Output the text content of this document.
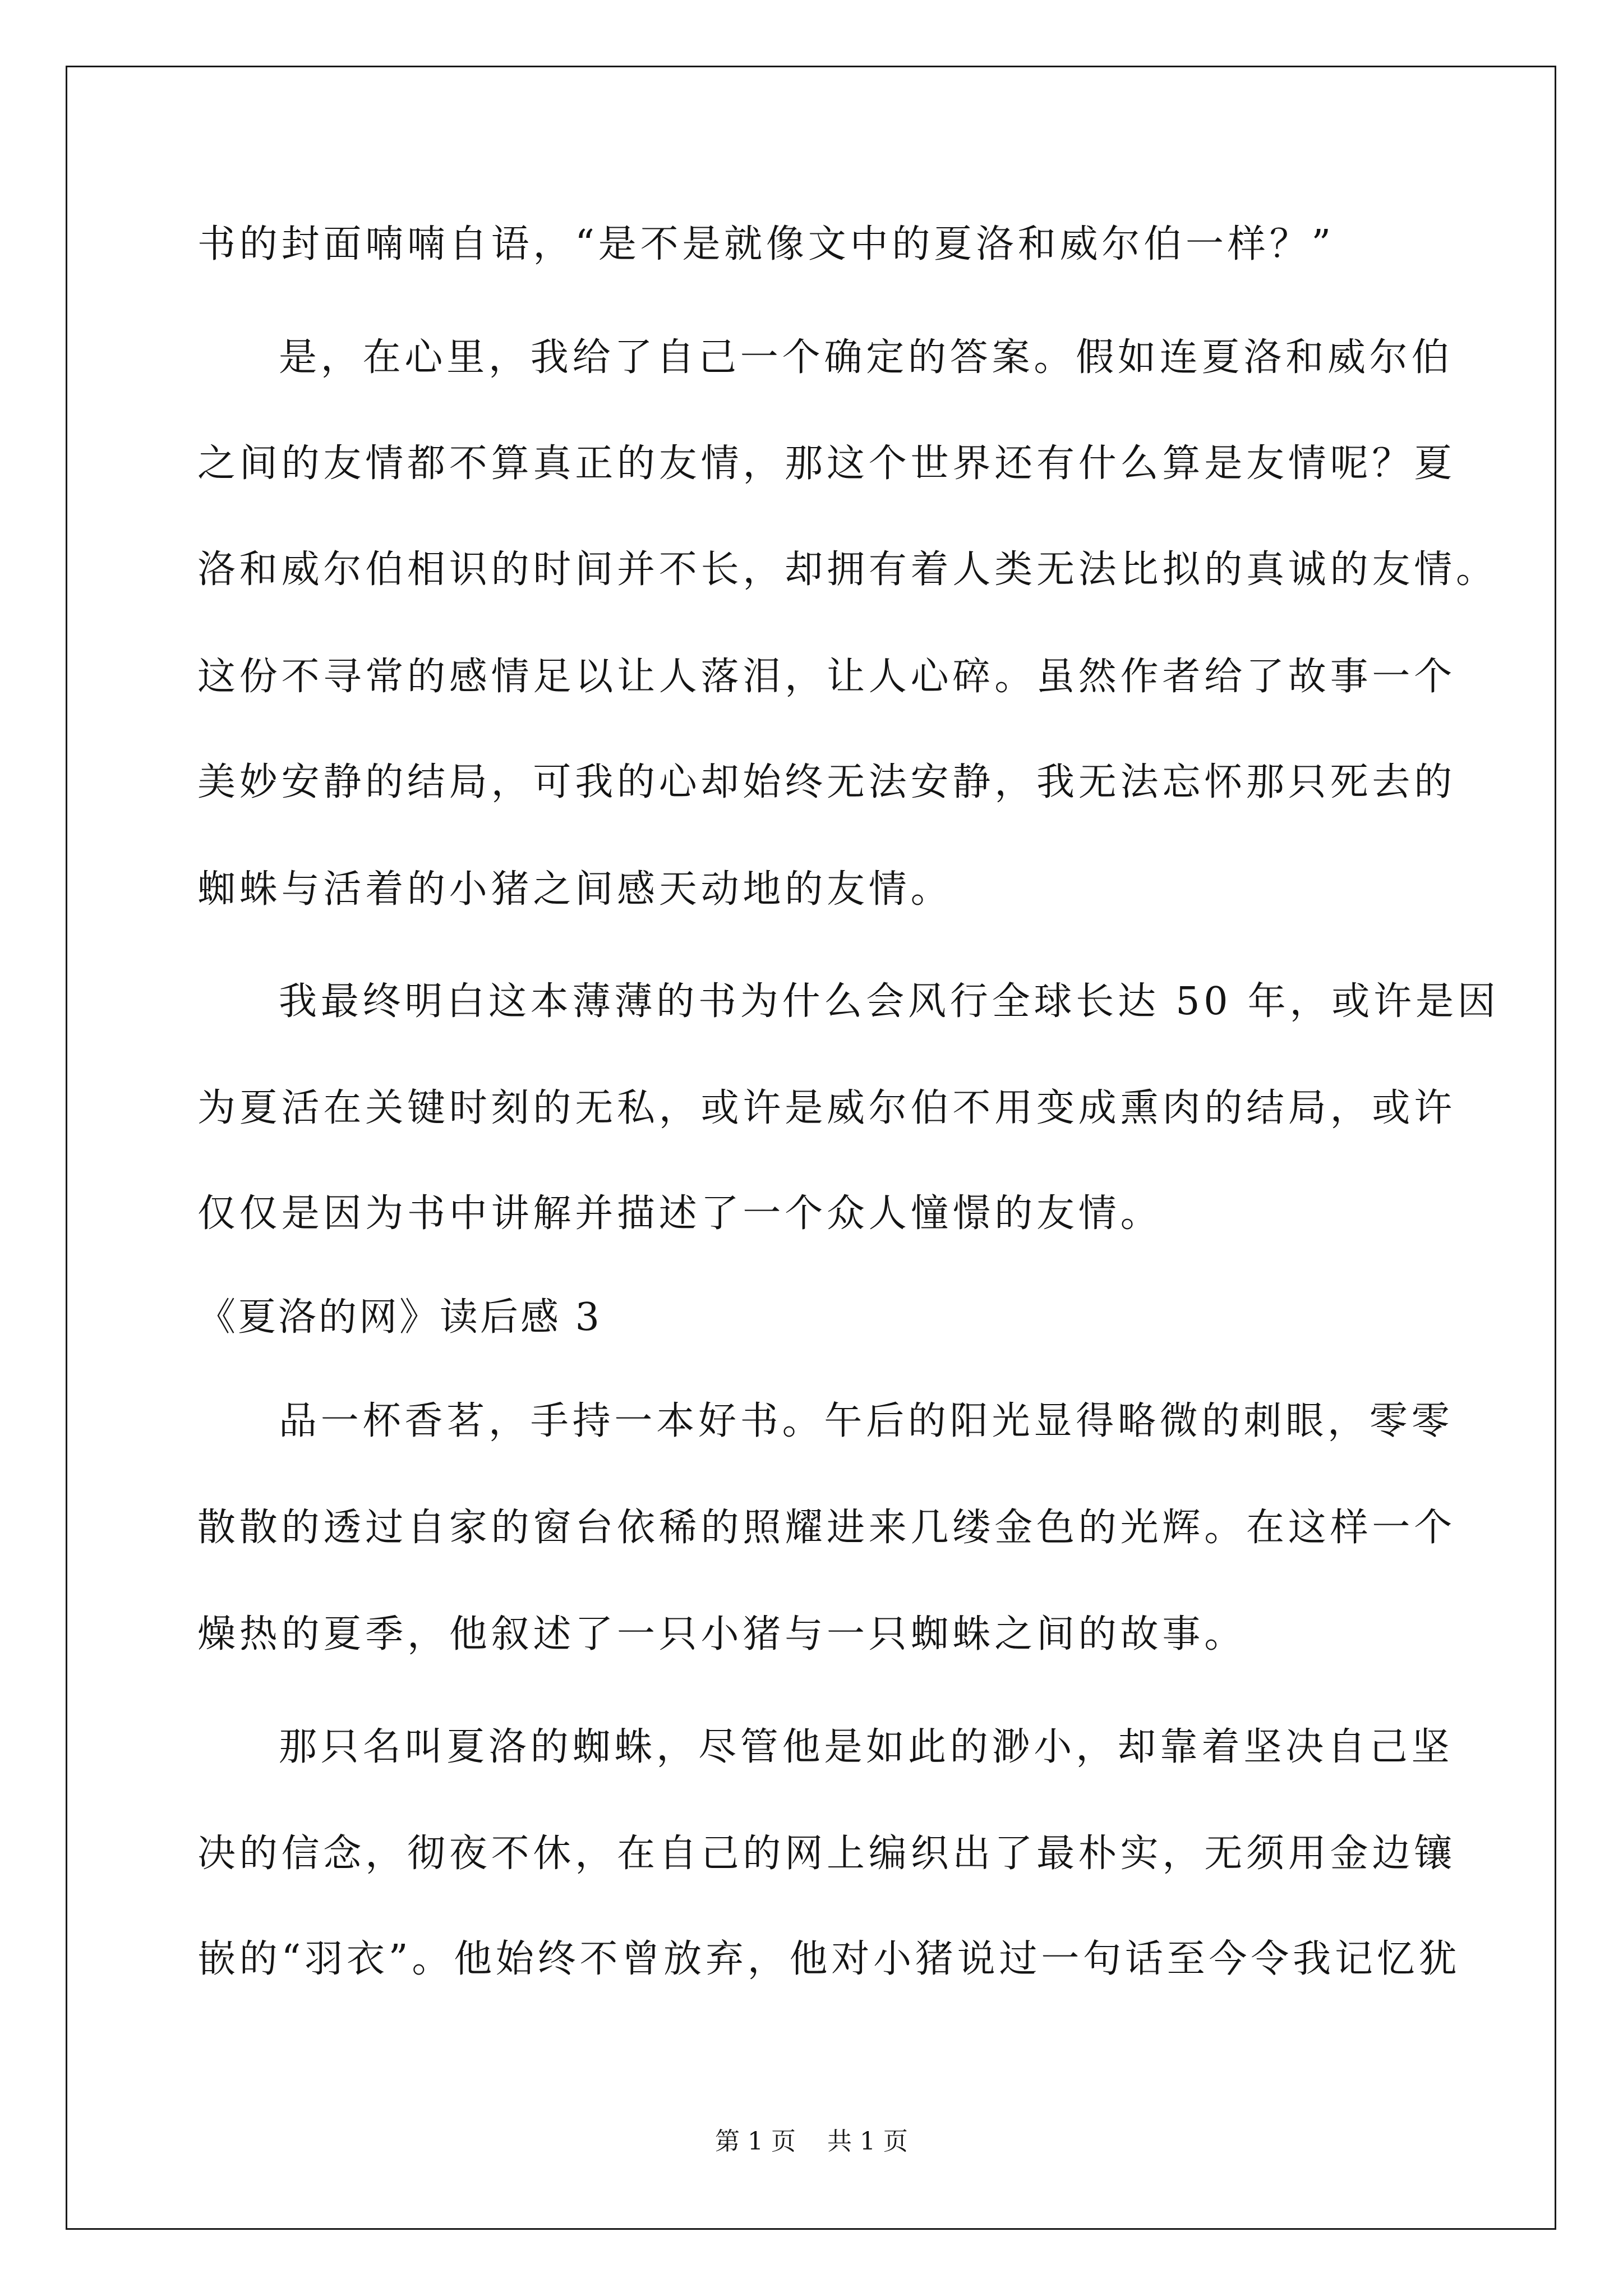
书的封面喃喃自语，“是不是就像文中的夏洛和威尔伯一样？”
是，在心里，我给了自己一个确定的答案。假如连夏洛和威尔伯
之间的友情都不算真正的友情，那这个世界还有什么算是友情呢？夏
洛和威尔伯相识的时间并不长，却拥有着人类无法比拟的真诚的友情。
这份不寻常的感情足以让人落泪，让人心碎。虽然作者给了故事一个
美妙安静的结局，可我的心却始终无法安静，我无法忘怀那只死去的
蜘蛛与活着的小猪之间感天动地的友情。
我最终明白这本薄薄的书为什么会风行全球长达 50 年，或许是因
为夏活在关键时刻的无私，或许是威尔伯不用变成熏肉的结局，或许
仅仅是因为书中讲解并描述了一个众人憧憬的友情。
《夏洛的网》读后感 3
品一杯香茗，手持一本好书。午后的阳光显得略微的刺眼，零零
散散的透过自家的窗台依稀的照耀进来几缕金色的光辉。在这样一个
燥热的夏季，他叙述了一只小猪与一只蜘蛛之间的故事。
那只名叫夏洛的蜘蛛，尽管他是如此的渺小，却靠着坚决自己坚
决的信念，彻夜不休，在自己的网上编织出了最朴实，无须用金边镶
嵌的“羽衣”。他始终不曾放弃，他对小猪说过一句话至今令我记忆犹
第 1 页    共 1 页
